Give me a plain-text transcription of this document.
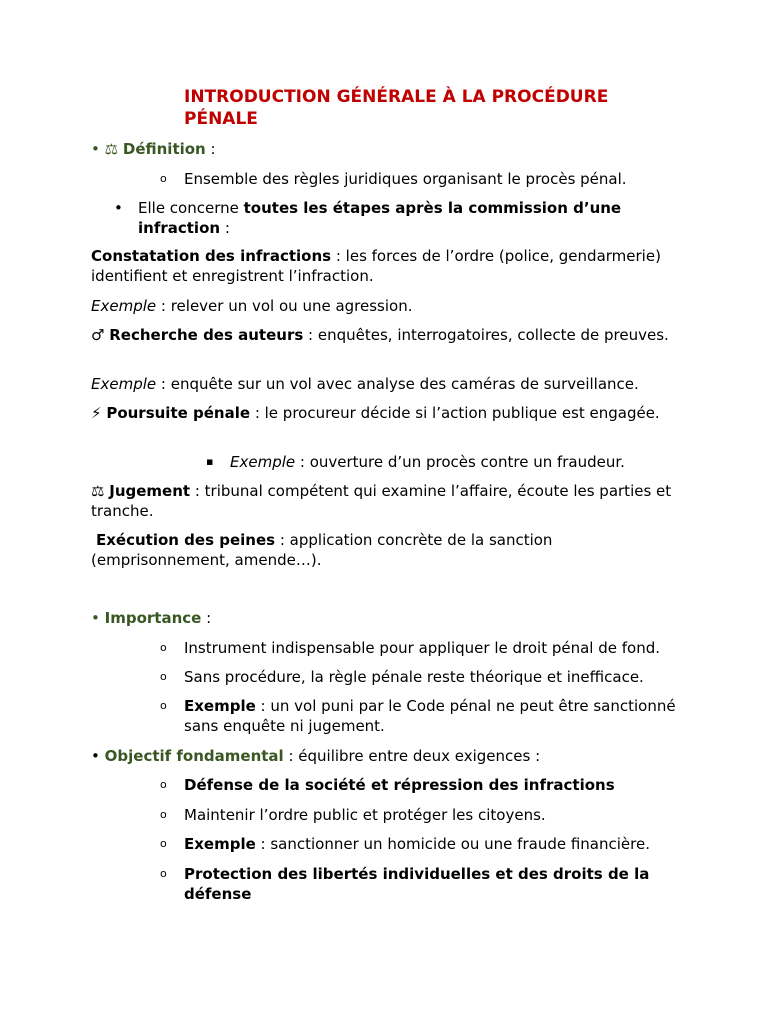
INTRODUCTION GÉNÉRALE À LA PROCÉDURE PÉNALE

• ⚖ Définition :

o Ensemble des règles juridiques organisant le procès pénal.

• Elle concerne toutes les étapes après la commission d’une infraction :

Constatation des infractions : les forces de l’ordre (police, gendarmerie) identifient et enregistrent l’infraction.

Exemple : relever un vol ou une agression.

♂ Recherche des auteurs : enquêtes, interrogatoires, collecte de preuves.

Exemple : enquête sur un vol avec analyse des caméras de surveillance.

⚡ Poursuite pénale : le procureur décide si l’action publique est engagée.

▪ Exemple : ouverture d’un procès contre un fraudeur.

⚖ Jugement : tribunal compétent qui examine l’affaire, écoute les parties et tranche.

Exécution des peines : application concrète de la sanction (emprisonnement, amende…).

• Importance :

o Instrument indispensable pour appliquer le droit pénal de fond.

o Sans procédure, la règle pénale reste théorique et inefficace.

o Exemple : un vol puni par le Code pénal ne peut être sanctionné sans enquête ni jugement.

• Objectif fondamental : équilibre entre deux exigences :

o Défense de la société et répression des infractions

o Maintenir l’ordre public et protéger les citoyens.

o Exemple : sanctionner un homicide ou une fraude financière.

o Protection des libertés individuelles et des droits de la défense
